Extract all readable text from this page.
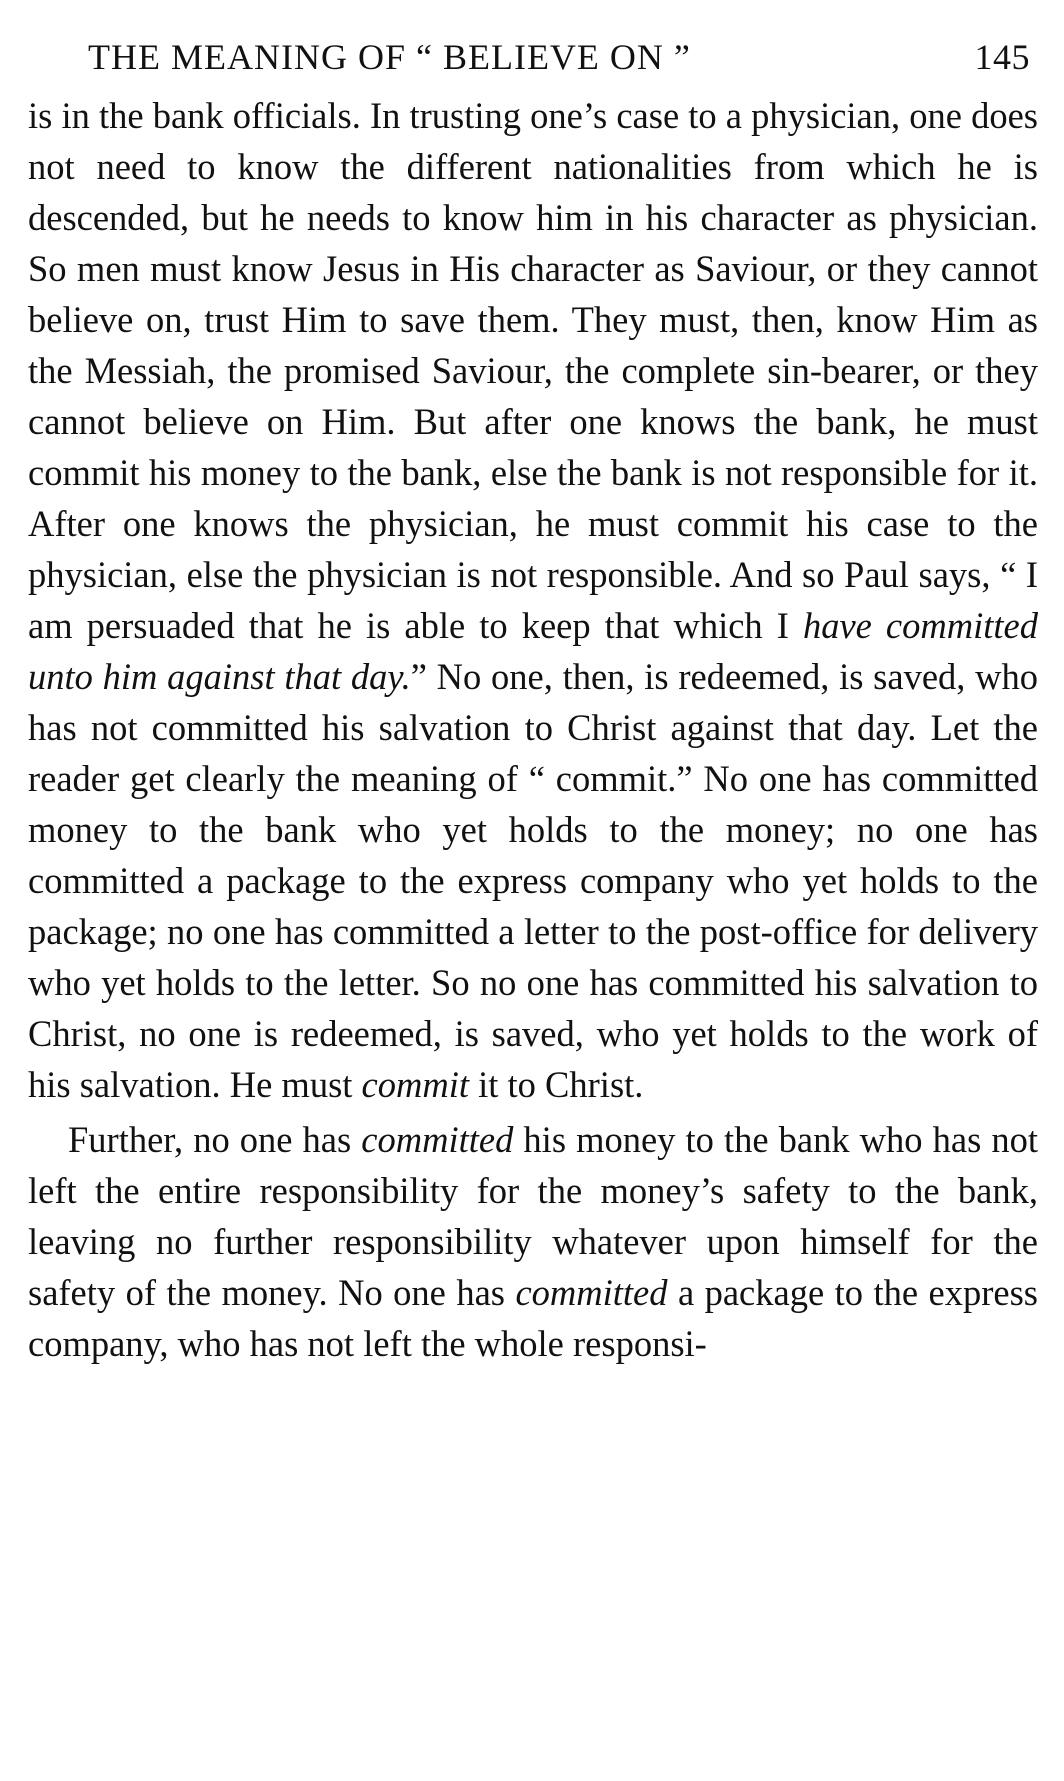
THE MEANING OF “ BELIEVE ON ”	145

is in the bank officials. In trusting one’s case to a physician, one does not need to know the different nationalities from which he is descended, but he needs to know him in his character as physician. So men must know Jesus in His character as Saviour, or they cannot believe on, trust Him to save them. They must, then, know Him as the Messiah, the promised Saviour, the complete sin-bearer, or they cannot believe on Him. But after one knows the bank, he must commit his money to the bank, else the bank is not responsible for it. After one knows the physician, he must commit his case to the physician, else the physician is not responsible. And so Paul says, “ I am persuaded that he is able to keep that which I have committed unto him against that day.” No one, then, is redeemed, is saved, who has not committed his salvation to Christ against that day. Let the reader get clearly the meaning of “ commit.” No one has committed money to the bank who yet holds to the money; no one has committed a package to the express company who yet holds to the package; no one has committed a letter to the post-office for delivery who yet holds to the letter. So no one has committed his salvation to Christ, no one is redeemed, is saved, who yet holds to the work of his salvation. He must commit it to Christ.

Further, no one has committed his money to the bank who has not left the entire responsibility for the money’s safety to the bank, leaving no further responsibility whatever upon himself for the safety of the money. No one has committed a package to the express company, who has not left the whole responsi-
